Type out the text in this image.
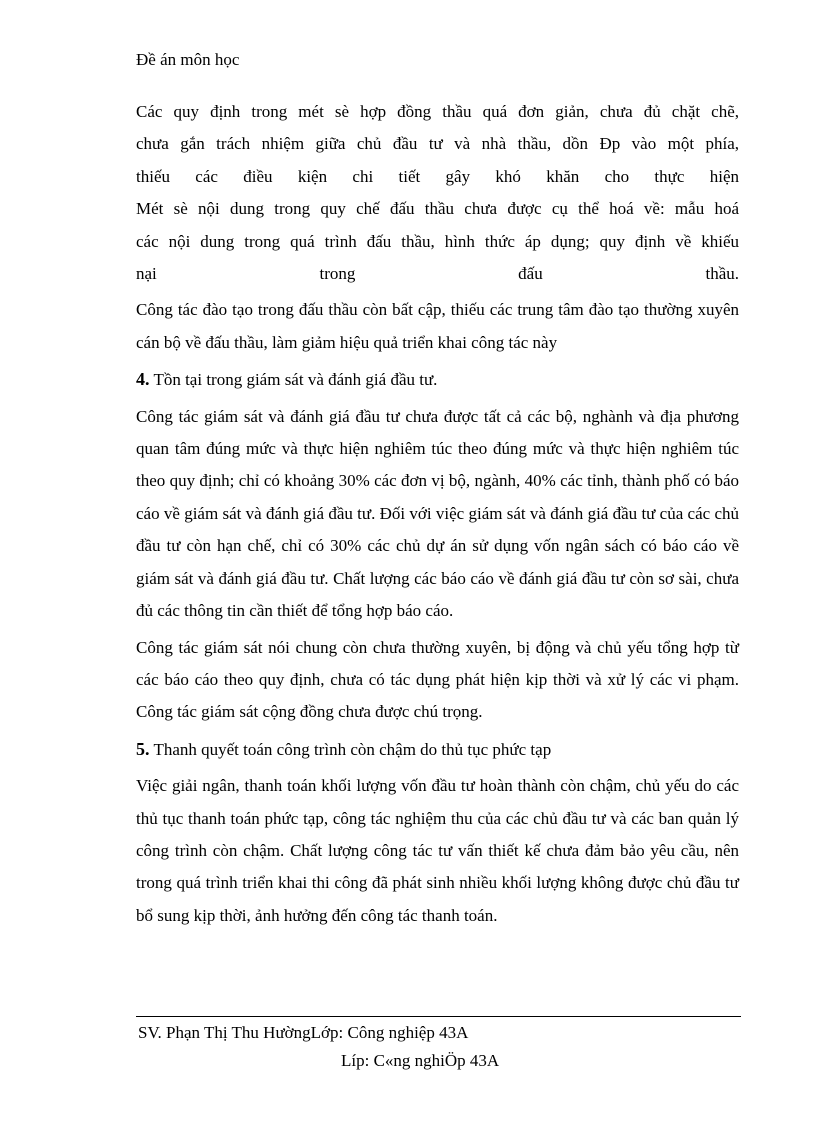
Đề án môn học

Các quy định trong mét sè hợp đồng thầu quá đơn giản, chưa đủ chặt chẽ,

chưa gắn trách nhiệm giữa chủ đầu tư và nhà thầu, dồn Đp vào một phía,

thiếu các điều kiện chi tiết gây khó khăn cho thực hiện

Mét sè nội dung trong quy chế đấu thầu chưa được cụ thể hoá về: mẫu hoá

các nội dung trong quá trình đấu thầu, hình thức áp dụng; quy định về khiếu

nại trong đấu thầu.

Công tác đào tạo trong đấu thầu còn bất cập, thiếu các trung tâm đào tạo thường xuyên cán bộ về đấu thầu, làm giảm hiệu quả triển khai công tác này

4. Tồn tại trong giám sát và đánh giá đầu tư.

Công tác giám sát và đánh giá đầu tư chưa được tất cả các bộ, nghành và địa phương quan tâm đúng mức và thực hiện nghiêm túc theo đúng mức và thực hiện nghiêm túc theo quy định; chỉ có khoảng 30% các đơn vị bộ, ngành, 40% các tỉnh, thành phố có báo cáo về giám sát và đánh giá đầu tư. Đối với việc giám sát và đánh giá đầu tư của các chủ đầu tư còn hạn chế, chỉ có 30% các chủ dự án sử dụng vốn ngân sách có báo cáo về giám sát và đánh giá đầu tư. Chất lượng các báo cáo về đánh giá đầu tư còn sơ sài, chưa đủ các thông tin cần thiết để tổng hợp báo cáo.

Công tác giám sát nói chung còn chưa thường xuyên, bị động và chủ yếu tổng hợp từ các báo cáo theo quy định, chưa có tác dụng phát hiện kịp thời và xử lý các vi phạm. Công tác giám sát cộng đồng chưa được chú trọng.

5. Thanh quyết toán công trình còn chậm do thủ tục phức tạp

Việc giải ngân, thanh toán khối lượng vốn đầu tư hoàn thành còn chậm, chủ yếu do các thủ tục thanh toán phức tạp, công tác nghiệm thu của các chủ đầu tư và các ban quản lý công trình còn chậm. Chất lượng công tác tư vấn thiết kế chưa đảm bảo yêu cầu, nên trong quá trình triển khai thi công đã phát sinh nhiều khối lượng không được chủ đầu tư bổ sung kịp thời, ảnh hưởng đến công tác thanh toán.

SV. Phạn Thị Thu HườngLớp: Công nghiệp 43A
Líp: C«ng nghiÖp 43A
